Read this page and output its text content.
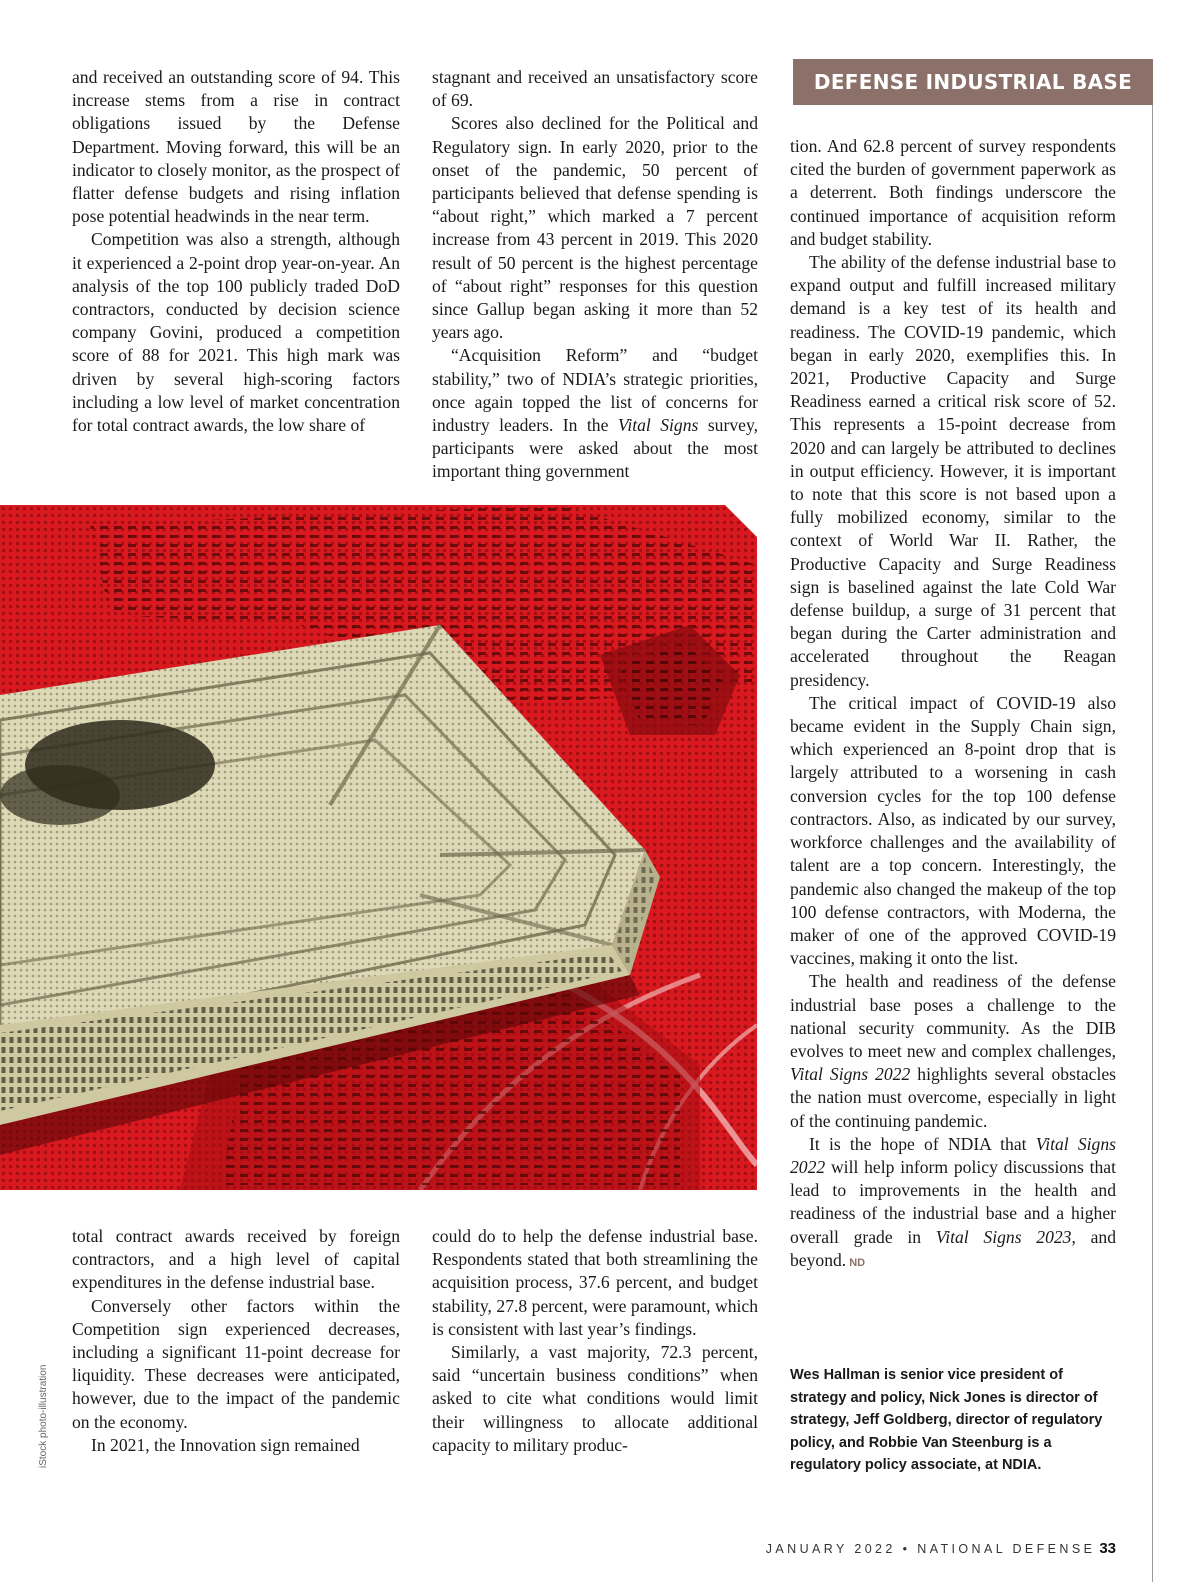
DEFENSE INDUSTRIAL BASE

and received an outstanding score of 94. This increase stems from a rise in contract obligations issued by the Defense Department. Moving forward, this will be an indicator to closely monitor, as the prospect of flatter defense budgets and rising inflation pose potential headwinds in the near term.

Competition was also a strength, although it experienced a 2-point drop year-on-year. An analysis of the top 100 publicly traded DoD contractors, conducted by decision science company Govini, produced a competition score of 88 for 2021. This high mark was driven by several high-scoring factors including a low level of market concentration for total contract awards, the low share of

stagnant and received an unsatisfactory score of 69.

Scores also declined for the Political and Regulatory sign. In early 2020, prior to the onset of the pandemic, 50 percent of participants believed that defense spending is “about right,” which marked a 7 percent increase from 43 percent in 2019. This 2020 result of 50 percent is the highest percentage of “about right” responses for this question since Gallup began asking it more than 52 years ago.

“Acquisition Reform” and “budget stability,” two of NDIA’s strategic priorities, once again topped the list of concerns for industry leaders. In the Vital Signs survey, participants were asked about the most important thing government

total contract awards received by foreign contractors, and a high level of capital expenditures in the defense industrial base.

Conversely other factors within the Competition sign experienced decreases, including a significant 11-point decrease for liquidity. These decreases were anticipated, however, due to the impact of the pandemic on the economy.

In 2021, the Innovation sign remained

could do to help the defense industrial base. Respondents stated that both streamlining the acquisition process, 37.6 percent, and budget stability, 27.8 percent, were paramount, which is consistent with last year’s findings.

Similarly, a vast majority, 72.3 percent, said “uncertain business conditions” when asked to cite what conditions would limit their willingness to allocate additional capacity to military produc-

tion. And 62.8 percent of survey respondents cited the burden of government paperwork as a deterrent. Both findings underscore the continued importance of acquisition reform and budget stability.

The ability of the defense industrial base to expand output and fulfill increased military demand is a key test of its health and readiness. The COVID-19 pandemic, which began in early 2020, exemplifies this. In 2021, Productive Capacity and Surge Readiness earned a critical risk score of 52. This represents a 15-point decrease from 2020 and can largely be attributed to declines in output efficiency. However, it is important to note that this score is not based upon a fully mobilized economy, similar to the context of World War II. Rather, the Productive Capacity and Surge Readiness sign is baselined against the late Cold War defense buildup, a surge of 31 percent that began during the Carter administration and accelerated throughout the Reagan presidency.

The critical impact of COVID-19 also became evident in the Supply Chain sign, which experienced an 8-point drop that is largely attributed to a worsening in cash conversion cycles for the top 100 defense contractors. Also, as indicated by our survey, workforce challenges and the availability of talent are a top concern. Interestingly, the pandemic also changed the makeup of the top 100 defense contractors, with Moderna, the maker of one of the approved COVID-19 vaccines, making it onto the list.

The health and readiness of the defense industrial base poses a challenge to the national security community. As the DIB evolves to meet new and complex challenges, Vital Signs 2022 highlights several obstacles the nation must overcome, especially in light of the continuing pandemic.

It is the hope of NDIA that Vital Signs 2022 will help inform policy discussions that lead to improvements in the health and readiness of the industrial base and a higher overall grade in Vital Signs 2023, and beyond. ND

Wes Hallman is senior vice president of strategy and policy, Nick Jones is director of strategy, Jeff Goldberg, director of regulatory policy, and Robbie Van Steenburg is a regulatory policy associate, at NDIA.
iStock photo-illustration
JANUARY 2022 • NATIONAL DEFENSE 33
